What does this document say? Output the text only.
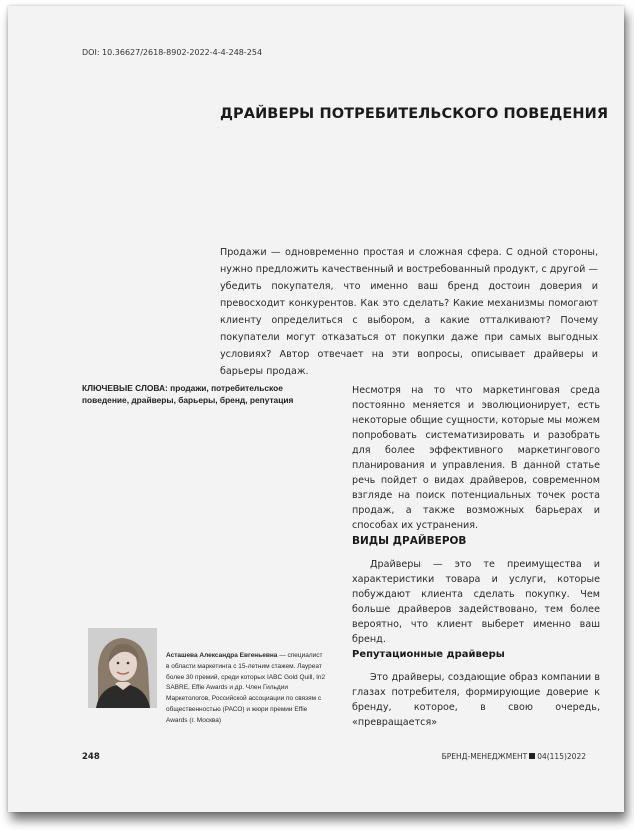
DOI: 10.36627/2618-8902-2022-4-4-248-254
ДРАЙВЕРЫ ПОТРЕБИТЕЛЬСКОГО ПОВЕДЕНИЯ

Продажи — одновременно простая и сложная сфера. С одной стороны, нужно предложить качественный и востребованный продукт, с другой — убедить покупателя, что именно ваш бренд достоин доверия и превосходит конкурентов. Как это сделать? Какие механизмы помогают клиенту определиться с выбором, а какие отталкивают? Почему покупатели могут отказаться от покупки даже при самых выгодных условиях? Автор отвечает на эти вопросы, описывает драйверы и барьеры продаж.

КЛЮЧЕВЫЕ СЛОВА: продажи, потребительское поведение, драйверы, барьеры, бренд, репутация

Несмотря на то что маркетинговая среда постоянно меняется и эволюционирует, есть некоторые общие сущности, которые мы можем попробовать систематизировать и разобрать для более эффективного маркетингового планирования и управления. В данной статье речь пойдет о видах драйверов, современном взгляде на поиск потенциальных точек роста продаж, а также возможных барьерах и способах их устранения.

ВИДЫ ДРАЙВЕРОВ

Драйверы — это те преимущества и характеристики товара и услуги, которые побуждают клиента сделать покупку. Чем больше драйверов задействовано, тем более вероятно, что клиент выберет именно ваш бренд.

Репутационные драйверы

Это драйверы, создающие образ компании в глазах потребителя, формирующие доверие к бренду, которое, в свою очередь, «превращается»

Асташева Александра Евгеньевна — специалист в области маркетинга с 15-летним стажем. Лауреат более 30 премий, среди которых IABC Gold Quill, In2 SABRE, Effie Awards и др. Член Гильдии Маркетологов, Российской ассоциации по связям с общественностью (РАСО) и жюри премии Effie Awards (г. Москва)

248	БРЕНД-МЕНЕДЖМЕНТ 04(115)2022
